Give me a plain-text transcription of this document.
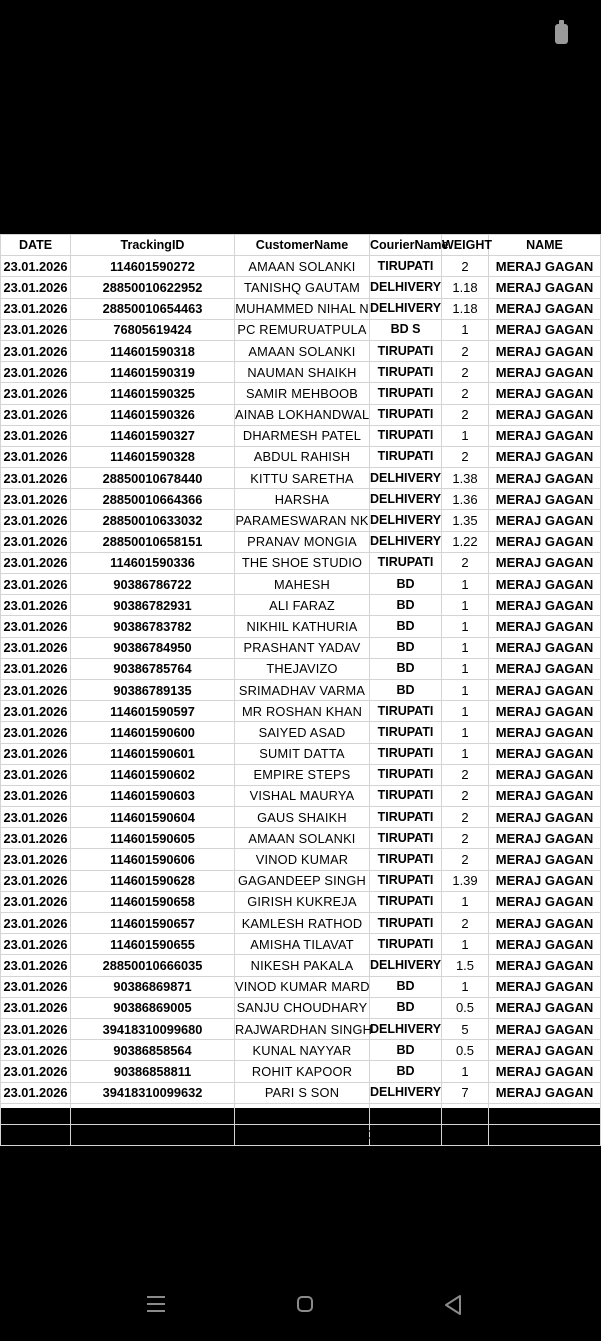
DATE	TrackingID	CustomerName	CourierName	WEIGHT	NAME
23.01.2026	114601590272	AMAAN SOLANKI	TIRUPATI	2	MERAJ GAGAN
23.01.2026	28850010622952	TANISHQ GAUTAM	DELHIVERY	1.18	MERAJ GAGAN
23.01.2026	28850010654463	MUHAMMED NIHAL N	DELHIVERY	1.18	MERAJ GAGAN
23.01.2026	76805619424	PC REMURUATPULA	BD S	1	MERAJ GAGAN
23.01.2026	114601590318	AMAAN SOLANKI	TIRUPATI	2	MERAJ GAGAN
23.01.2026	114601590319	NAUMAN SHAIKH	TIRUPATI	2	MERAJ GAGAN
23.01.2026	114601590325	SAMIR MEHBOOB	TIRUPATI	2	MERAJ GAGAN
23.01.2026	114601590326	AINAB LOKHANDWAL	TIRUPATI	2	MERAJ GAGAN
23.01.2026	114601590327	DHARMESH PATEL	TIRUPATI	1	MERAJ GAGAN
23.01.2026	114601590328	ABDUL RAHISH	TIRUPATI	2	MERAJ GAGAN
23.01.2026	28850010678440	KITTU SARETHA	DELHIVERY	1.38	MERAJ GAGAN
23.01.2026	28850010664366	HARSHA	DELHIVERY	1.36	MERAJ GAGAN
23.01.2026	28850010633032	PARAMESWARAN NK	DELHIVERY	1.35	MERAJ GAGAN
23.01.2026	28850010658151	PRANAV MONGIA	DELHIVERY	1.22	MERAJ GAGAN
23.01.2026	114601590336	THE SHOE STUDIO	TIRUPATI	2	MERAJ GAGAN
23.01.2026	90386786722	MAHESH	BD	1	MERAJ GAGAN
23.01.2026	90386782931	ALI FARAZ	BD	1	MERAJ GAGAN
23.01.2026	90386783782	NIKHIL KATHURIA	BD	1	MERAJ GAGAN
23.01.2026	90386784950	PRASHANT YADAV	BD	1	MERAJ GAGAN
23.01.2026	90386785764	THEJAVIZO	BD	1	MERAJ GAGAN
23.01.2026	90386789135	SRIMADHAV VARMA	BD	1	MERAJ GAGAN
23.01.2026	114601590597	MR ROSHAN KHAN	TIRUPATI	1	MERAJ GAGAN
23.01.2026	114601590600	SAIYED ASAD	TIRUPATI	1	MERAJ GAGAN
23.01.2026	114601590601	SUMIT DATTA	TIRUPATI	1	MERAJ GAGAN
23.01.2026	114601590602	EMPIRE STEPS	TIRUPATI	2	MERAJ GAGAN
23.01.2026	114601590603	VISHAL MAURYA	TIRUPATI	2	MERAJ GAGAN
23.01.2026	114601590604	GAUS SHAIKH	TIRUPATI	2	MERAJ GAGAN
23.01.2026	114601590605	AMAAN SOLANKI	TIRUPATI	2	MERAJ GAGAN
23.01.2026	114601590606	VINOD KUMAR	TIRUPATI	2	MERAJ GAGAN
23.01.2026	114601590628	GAGANDEEP SINGH	TIRUPATI	1.39	MERAJ GAGAN
23.01.2026	114601590658	GIRISH KUKREJA	TIRUPATI	1	MERAJ GAGAN
23.01.2026	114601590657	KAMLESH RATHOD	TIRUPATI	2	MERAJ GAGAN
23.01.2026	114601590655	AMISHA TILAVAT	TIRUPATI	1	MERAJ GAGAN
23.01.2026	28850010666035	NIKESH PAKALA	DELHIVERY	1.5	MERAJ GAGAN
23.01.2026	90386869871	VINOD KUMAR MARD	BD	1	MERAJ GAGAN
23.01.2026	90386869005	SANJU CHOUDHARY	BD	0.5	MERAJ GAGAN
23.01.2026	39418310099680	RAJWARDHAN SINGH	DELHIVERY	5	MERAJ GAGAN
23.01.2026	90386858564	KUNAL NAYYAR	BD	0.5	MERAJ GAGAN
23.01.2026	90386858811	ROHIT KAPOOR	BD	1	MERAJ GAGAN
23.01.2026	39418310099632	PARI S SON	DELHIVERY	7	MERAJ GAGAN
23.01.2026	90386857901	YASHRAJ	BD	2.5	MERAJ GAGAN
23.01.2026	76805749473	RUDRAKSH RAIKWAD	BD S	1	MERAJ GAGAN
